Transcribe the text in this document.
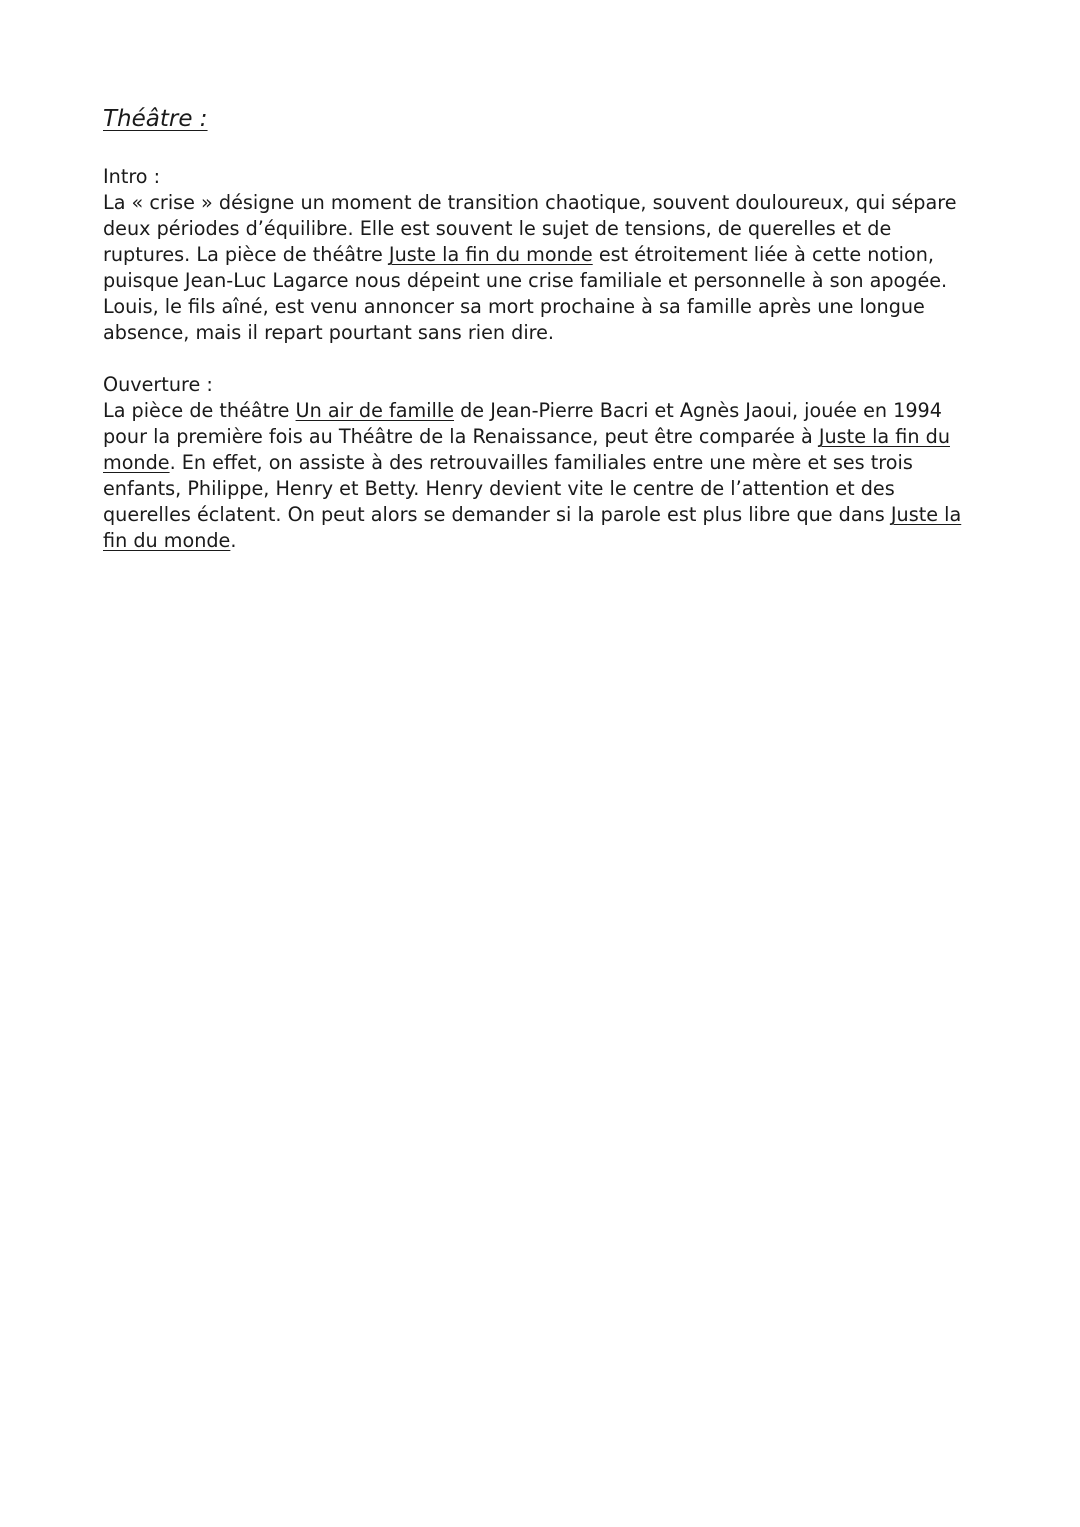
Théâtre :

Intro :

La « crise » désigne un moment de transition chaotique, souvent douloureux, qui sépare deux périodes d’équilibre. Elle est souvent le sujet de tensions, de querelles et de ruptures. La pièce de théâtre Juste la fin du monde est étroitement liée à cette notion, puisque Jean-Luc Lagarce nous dépeint une crise familiale et personnelle à son apogée. Louis, le fils aîné, est venu annoncer sa mort prochaine à sa famille après une longue absence, mais il repart pourtant sans rien dire.

Ouverture :

La pièce de théâtre Un air de famille de Jean-Pierre Bacri et Agnès Jaoui, jouée en 1994 pour la première fois au Théâtre de la Renaissance, peut être comparée à Juste la fin du monde. En effet, on assiste à des retrouvailles familiales entre une mère et ses trois enfants, Philippe, Henry et Betty. Henry devient vite le centre de l’attention et des querelles éclatent. On peut alors se demander si la parole est plus libre que dans Juste la fin du monde.
